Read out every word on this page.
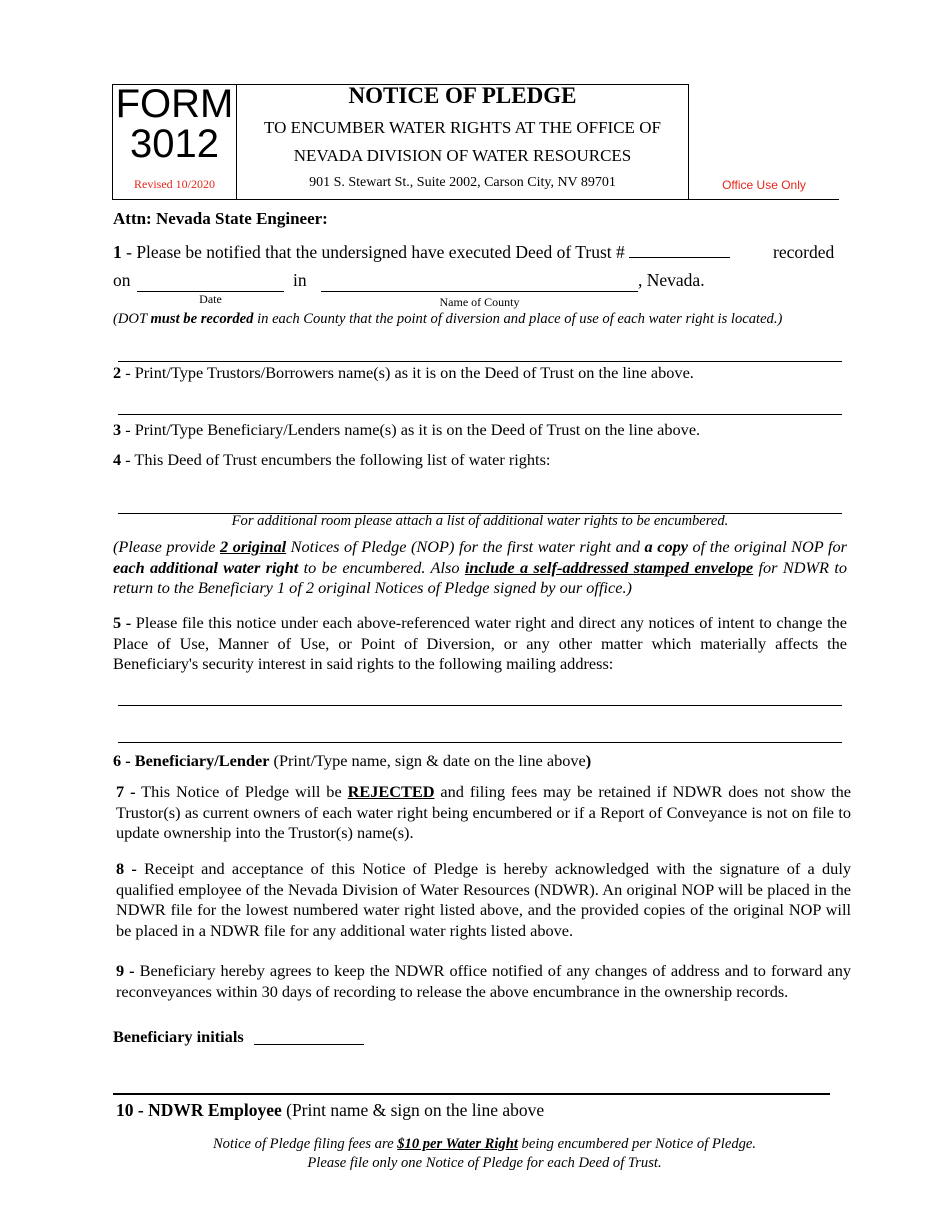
FORM
3012
Revised 10/2020
NOTICE OF PLEDGE
TO ENCUMBER WATER RIGHTS AT THE OFFICE OF
NEVADA DIVISION OF WATER RESOURCES
901 S. Stewart St., Suite 2002, Carson City, NV 89701	Office Use Only
Attn: Nevada State Engineer:
1 - Please be notified that the undersigned have executed Deed of Trust #	recorded
on	in	, Nevada.
Date	Name of County
(DOT must be recorded in each County that the point of diversion and place of use of each water right is located.)
2 - Print/Type Trustors/Borrowers name(s) as it is on the Deed of Trust on the line above.
3 - Print/Type Beneficiary/Lenders name(s) as it is on the Deed of Trust on the line above.
4 - This Deed of Trust encumbers the following list of water rights:
For additional room please attach a list of additional water rights to be encumbered.
(Please provide 2 original Notices of Pledge (NOP) for the first water right and a copy of the original NOP for each additional water right to be encumbered. Also include a self-addressed stamped envelope for NDWR to return to the Beneficiary 1 of 2 original Notices of Pledge signed by our office.)
5 - Please file this notice under each above-referenced water right and direct any notices of intent to change the Place of Use, Manner of Use, or Point of Diversion, or any other matter which materially affects the Beneficiary's security interest in said rights to the following mailing address:
6 - Beneficiary/Lender (Print/Type name, sign & date on the line above)
7 - This Notice of Pledge will be REJECTED and filing fees may be retained if NDWR does not show the Trustor(s) as current owners of each water right being encumbered or if a Report of Conveyance is not on file to update ownership into the Trustor(s) name(s).
8 - Receipt and acceptance of this Notice of Pledge is hereby acknowledged with the signature of a duly qualified employee of the Nevada Division of Water Resources (NDWR). An original NOP will be placed in the NDWR file for the lowest numbered water right listed above, and the provided copies of the original NOP will be placed in a NDWR file for any additional water rights listed above.
9 - Beneficiary hereby agrees to keep the NDWR office notified of any changes of address and to forward any reconveyances within 30 days of recording to release the above encumbrance in the ownership records.
Beneficiary initials
10 - NDWR Employee (Print name & sign on the line above
Notice of Pledge filing fees are $10 per Water Right being encumbered per Notice of Pledge.
Please file only one Notice of Pledge for each Deed of Trust.
